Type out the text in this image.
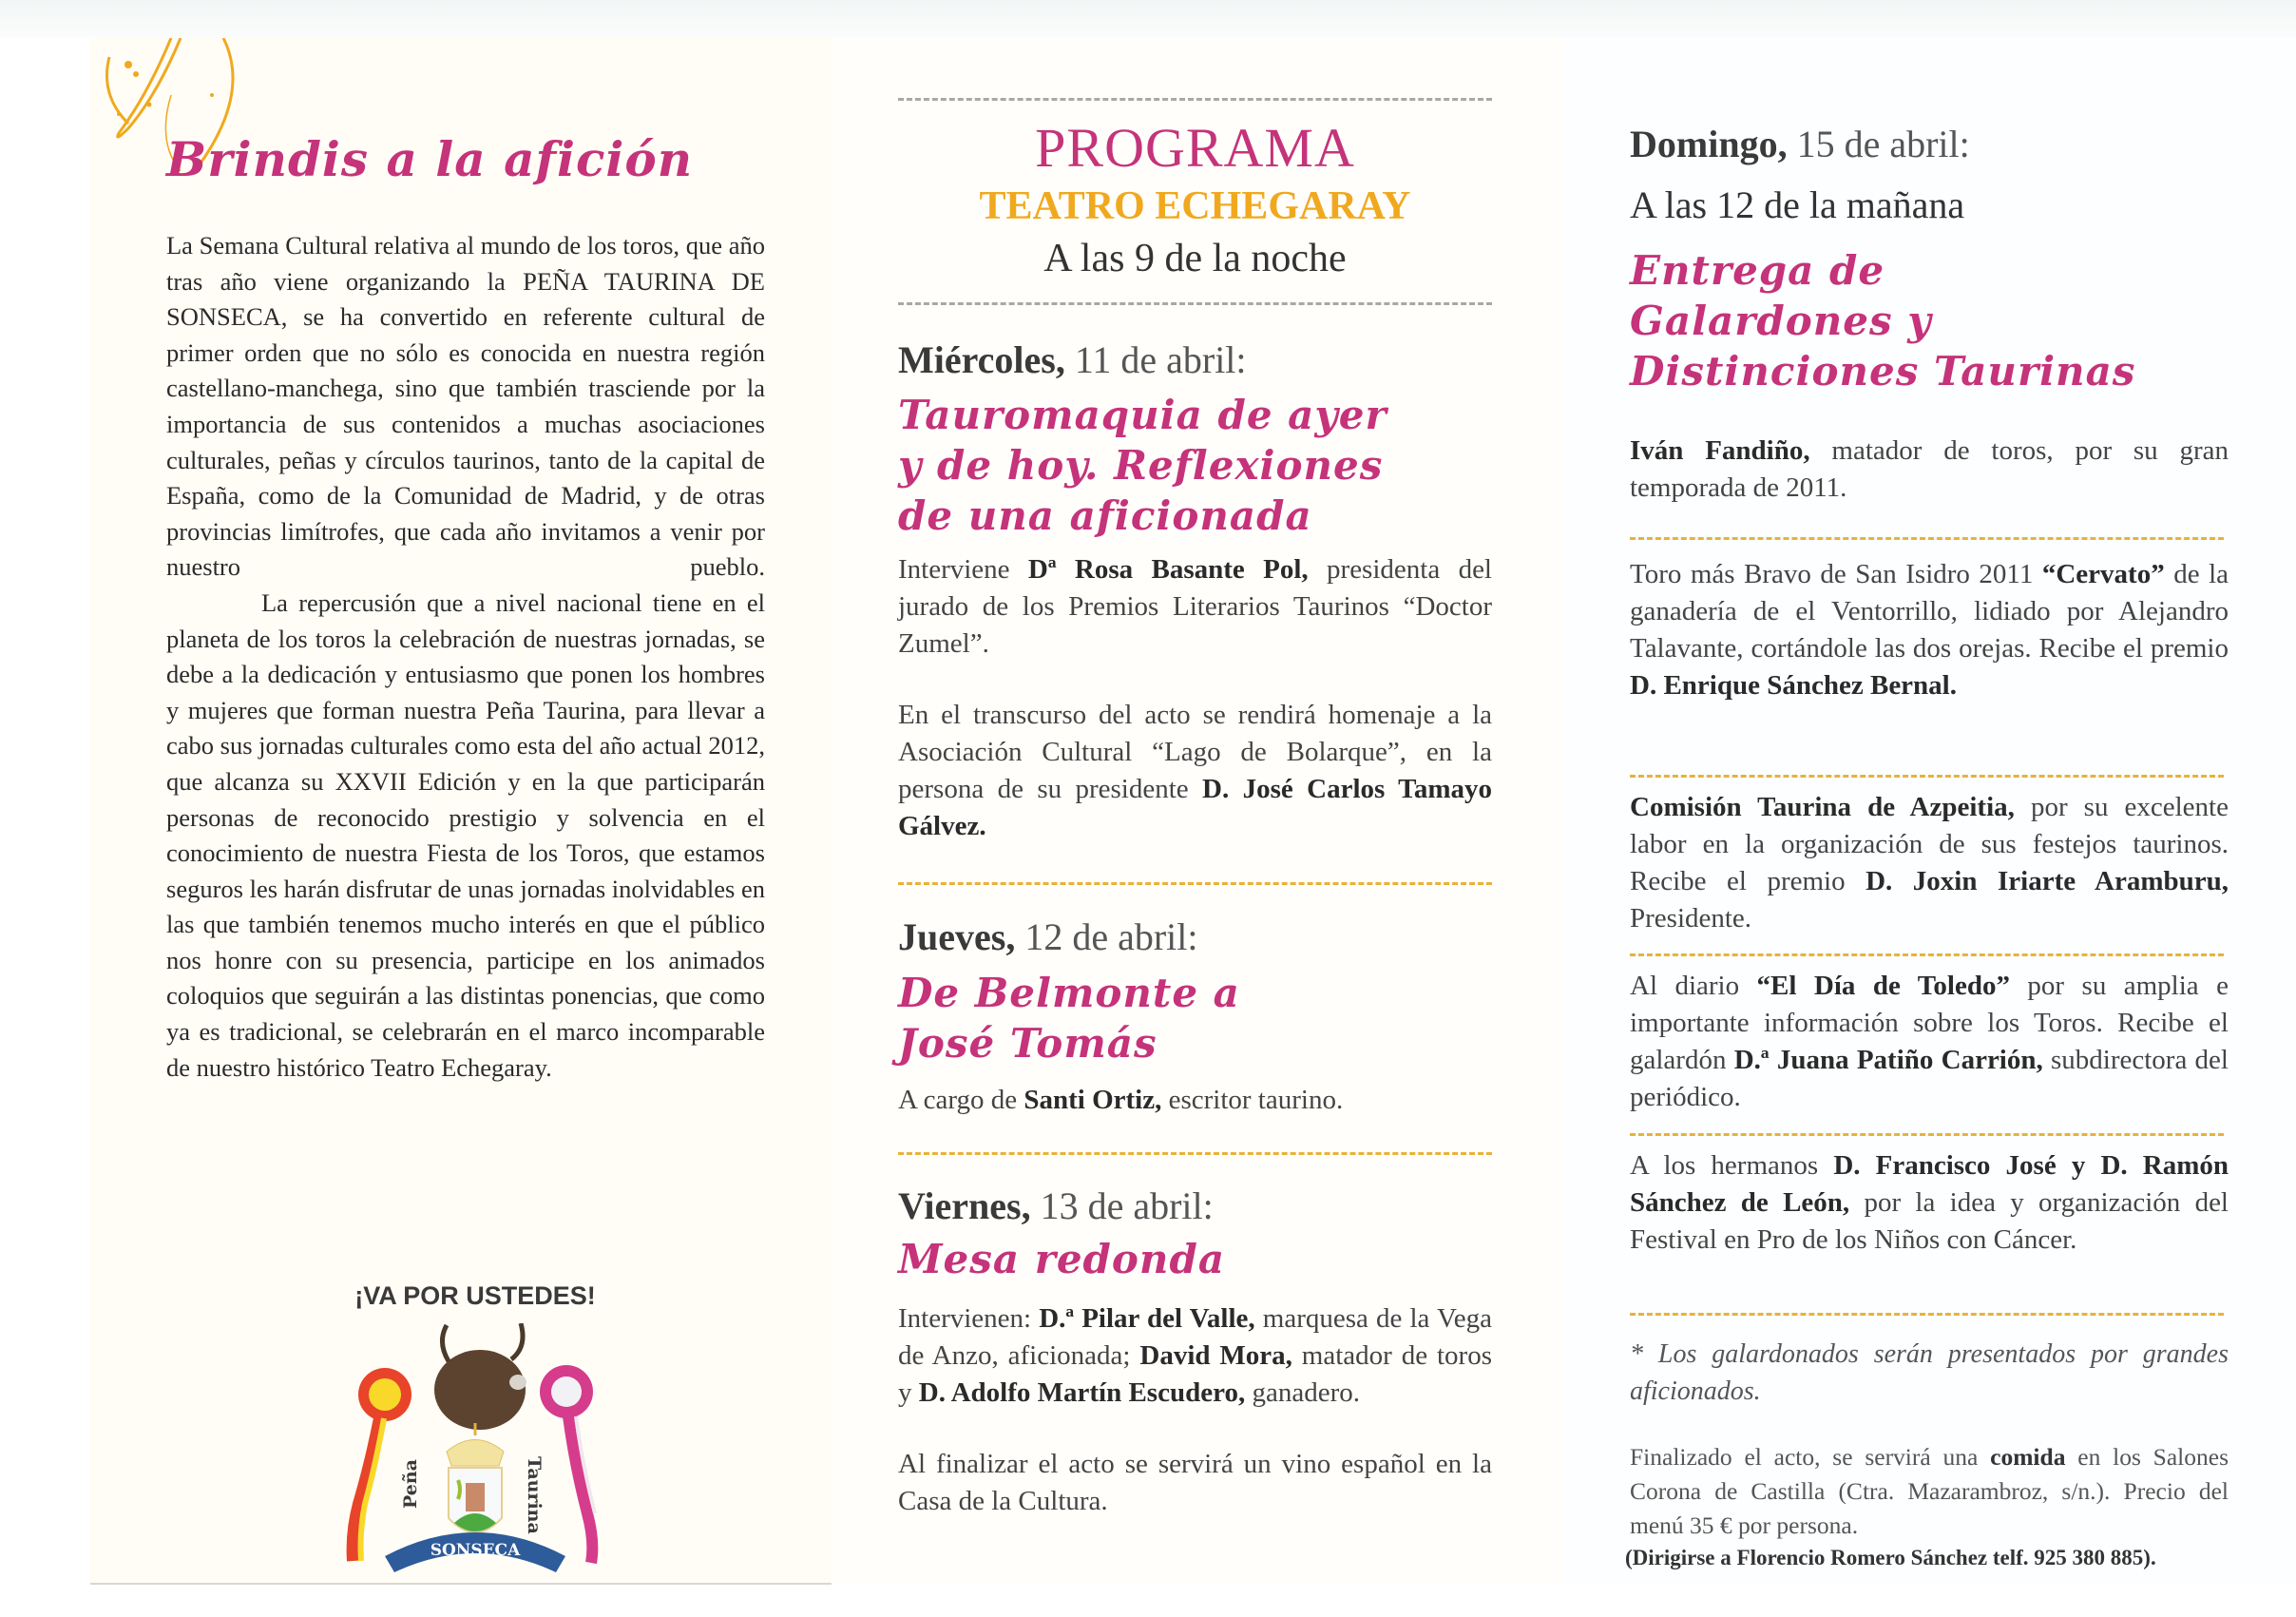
Brindis a la afición

La Semana Cultural relativa al mundo de los toros, que año tras año viene organizando la PEÑA TAURINA DE SONSECA, se ha convertido en referente cultural de primer orden que no sólo es conocida en nuestra región castellano-manchega, sino que también trasciende por la importancia de sus contenidos a muchas asociaciones culturales, peñas y círculos taurinos, tanto de la capital de España, como de la Comunidad de Madrid, y de otras provincias limítrofes, que cada año invitamos a venir por nuestro pueblo.

La repercusión que a nivel nacional tiene en el planeta de los toros la celebración de nuestras jornadas, se debe a la dedicación y entusiasmo que ponen los hombres y mujeres que forman nuestra Peña Taurina, para llevar a cabo sus jornadas culturales como esta del año actual 2012, que alcanza su XXVII Edición y en la que participarán personas de reconocido prestigio y solvencia en el conocimiento de nuestra Fiesta de los Toros, que estamos seguros les harán disfrutar de unas jornadas inolvidables en las que también tenemos mucho interés en que el público nos honre con su presencia, participe en los animados coloquios que seguirán a las distintas ponencias, que como ya es tradicional, se celebrarán en el marco incomparable de nuestro histórico Teatro Echegaray.

¡VA POR USTEDES!
Peña	Taurina
SONSECA
PROGRAMA
TEATRO ECHEGARAY
A las 9 de la noche
Miércoles, 11 de abril:
Tauromaquia de ayer
y de hoy. Reflexiones
de una aficionada

Interviene Dª Rosa Basante Pol, presidenta del jurado de los Premios Literarios Taurinos “Doctor Zumel”.

En el transcurso del acto se rendirá homenaje a la Asociación Cultural “Lago de Bolarque”, en la persona de su presidente D. José Carlos Tamayo Gálvez.

Jueves, 12 de abril:
De Belmonte a
José Tomás

A cargo de Santi Ortiz, escritor taurino.

Viernes, 13 de abril:
Mesa redonda

Intervienen: D.ª Pilar del Valle, marquesa de la Vega de Anzo, aficionada; David Mora, matador de toros y D. Adolfo Martín Escudero, ganadero.

Al finalizar el acto se servirá un vino español en la Casa de la Cultura.

Domingo, 15 de abril:
A las 12 de la mañana
Entrega de
Galardones y
Distinciones Taurinas

Iván Fandiño, matador de toros, por su gran temporada de 2011.

Toro más Bravo de San Isidro 2011 “Cervato” de la ganadería de el Ventorrillo, lidiado por Alejandro Talavante, cortándole las dos orejas. Recibe el premio D. Enrique Sánchez Bernal.

Comisión Taurina de Azpeitia, por su excelente labor en la organización de sus festejos taurinos. Recibe el premio D. Joxin Iriarte Aramburu, Presidente.

Al diario “El Día de Toledo” por su amplia e importante información sobre los Toros. Recibe el galardón D.ª Juana Patiño Carrión, subdirectora del periódico.

A los hermanos D. Francisco José y D. Ramón Sánchez de León, por la idea y organización del Festival en Pro de los Niños con Cáncer.

* Los galardonados serán presentados por grandes aficionados.

Finalizado el acto, se servirá una comida en los Salones Corona de Castilla (Ctra. Mazarambroz, s/n.). Precio del menú 35 € por persona.

(Dirigirse a Florencio Romero Sánchez telf. 925 380 885).
